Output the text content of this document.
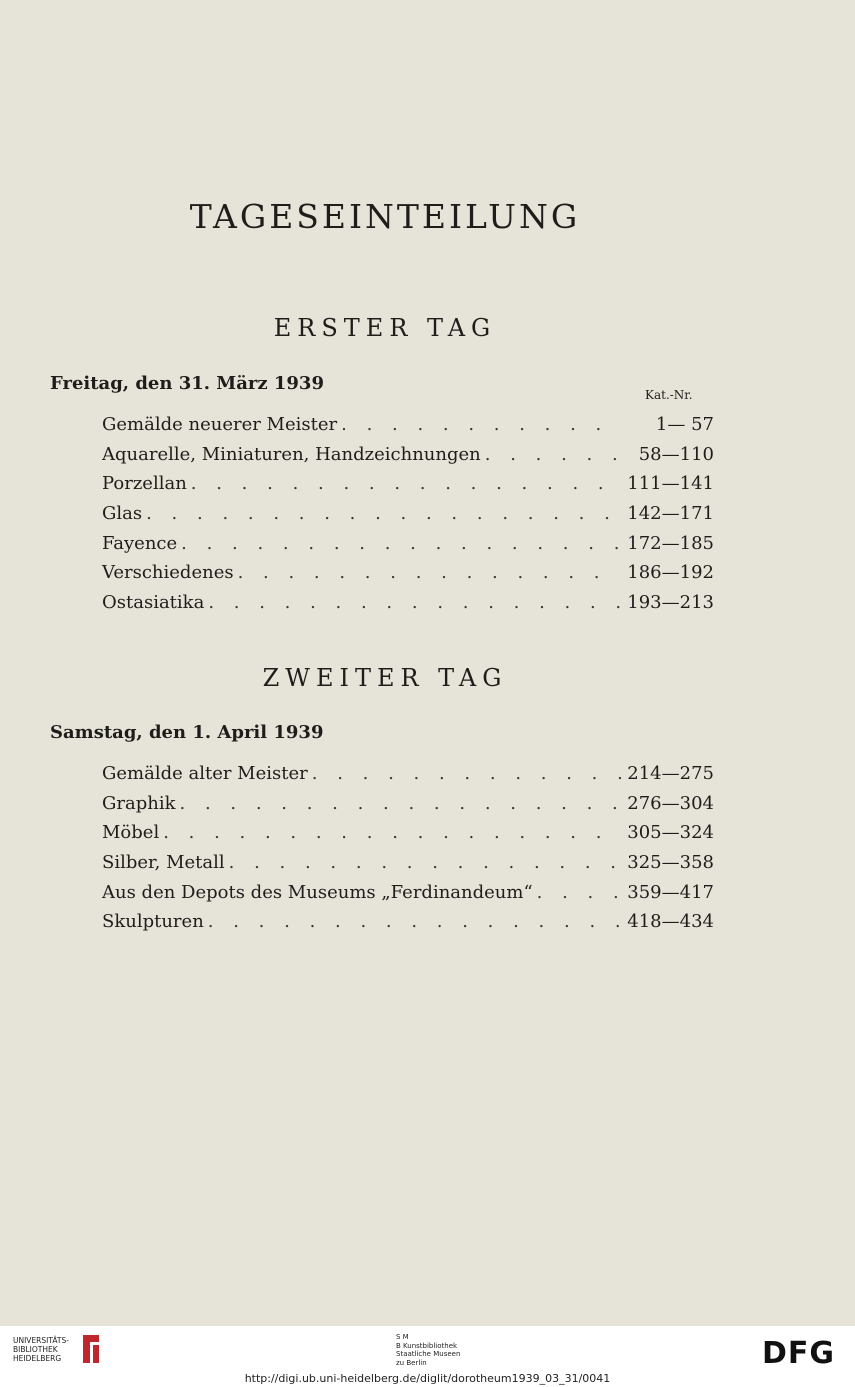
TAGESEINTEILUNG
ERSTER TAG
Freitag, den 31. März 1939
Kat.-Nr.
Gemälde neuerer Meister . . .	1— 57
Aquarelle, Miniaturen, Handzeichnungen . . .	58—110
Porzellan . . .	111—141
Glas . . .	142—171
Fayence . . .	172—185
Verschiedenes . . .	186—192
Ostasiatika . . .	193—213
ZWEITER TAG
Samstag, den 1. April 1939
Gemälde alter Meister . . .	214—275
Graphik . . .	276—304
Möbel . . .	305—324
Silber, Metall . . .	325—358
Aus den Depots des Museums „Ferdinandeum“ . . .	359—417
Skulpturen . . .	418—434
UNIVERSITÄTS-
BIBLIOTHEK
HEIDELBERG
S M
B Kunstbibliothek
Staatliche Museen
zu Berlin	DFG
http://digi.ub.uni-heidelberg.de/diglit/dorotheum1939_03_31/0041
